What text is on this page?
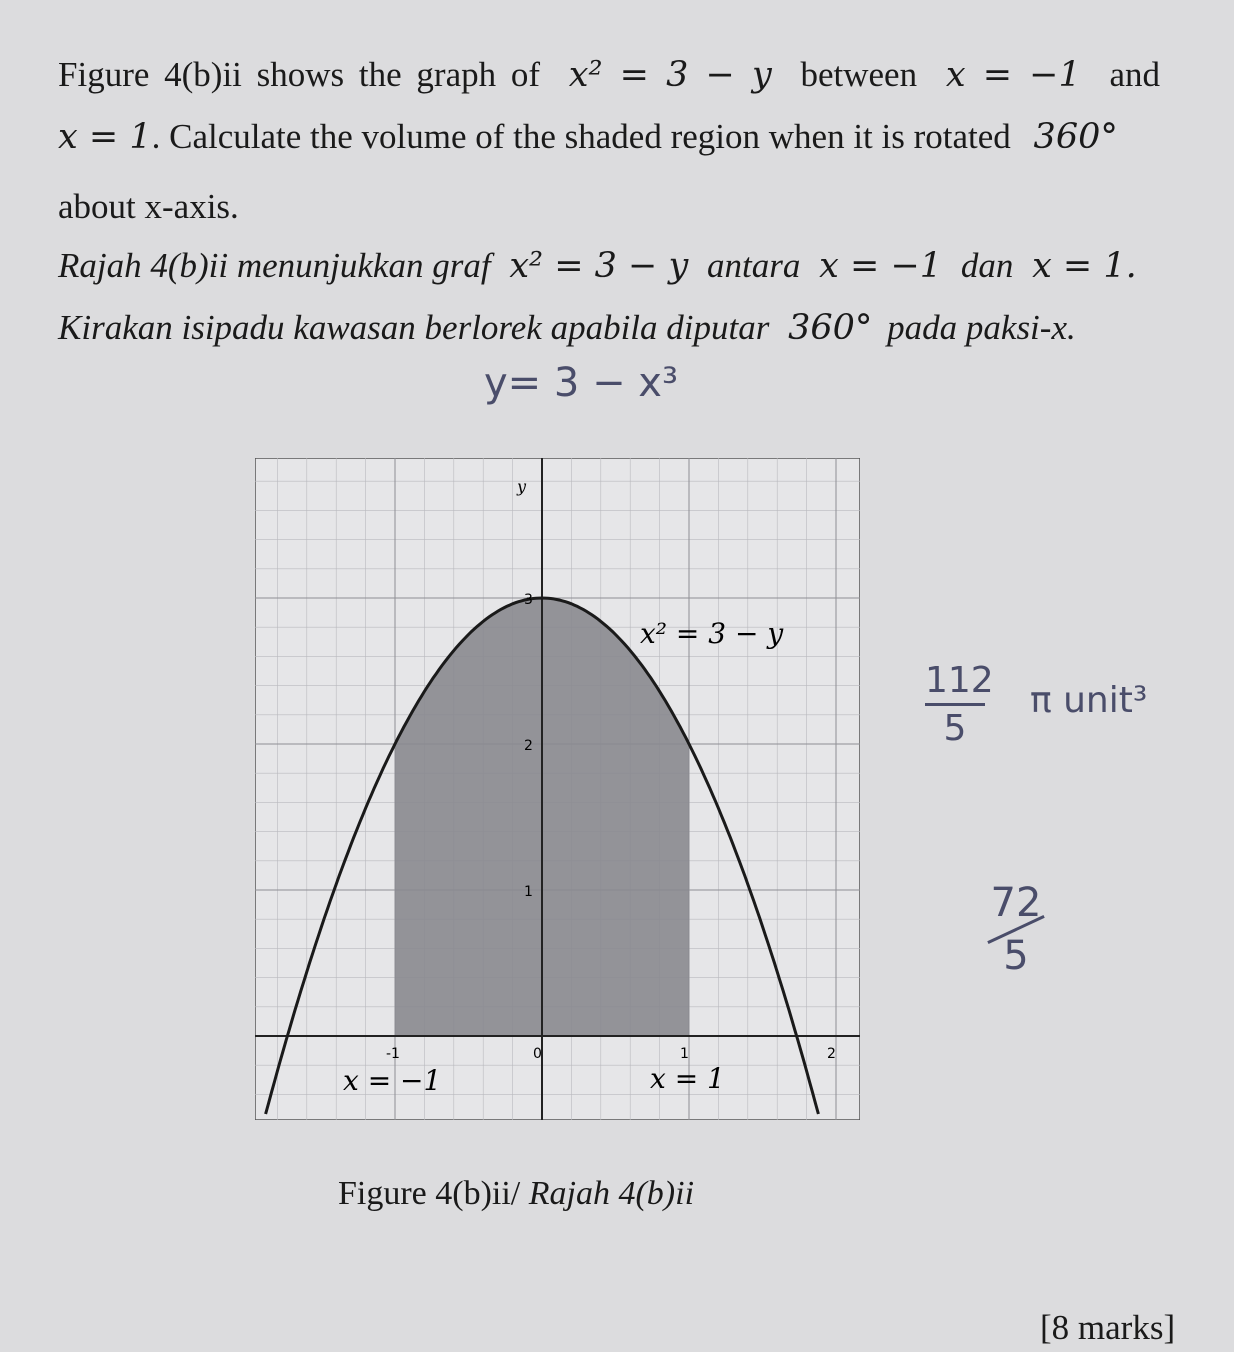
Figure 4(b)ii shows the graph of x² = 3 − y between x = −1 and
x = 1. Calculate the volume of the shaded region when it is rotated 360°
about x-axis.
Rajah 4(b)ii menunjukkan graf x² = 3 − y antara x = −1 dan x = 1.
Kirakan isipadu kawasan berlorek apabila diputar 360° pada paksi-x.
y= 3 − x³
112
5
π unit³
72
5
y
x² = 3 − y
x = −1	x = 1
1
2
3
-1	0	1	2
Figure 4(b)ii/ Rajah 4(b)ii
[8 marks]
